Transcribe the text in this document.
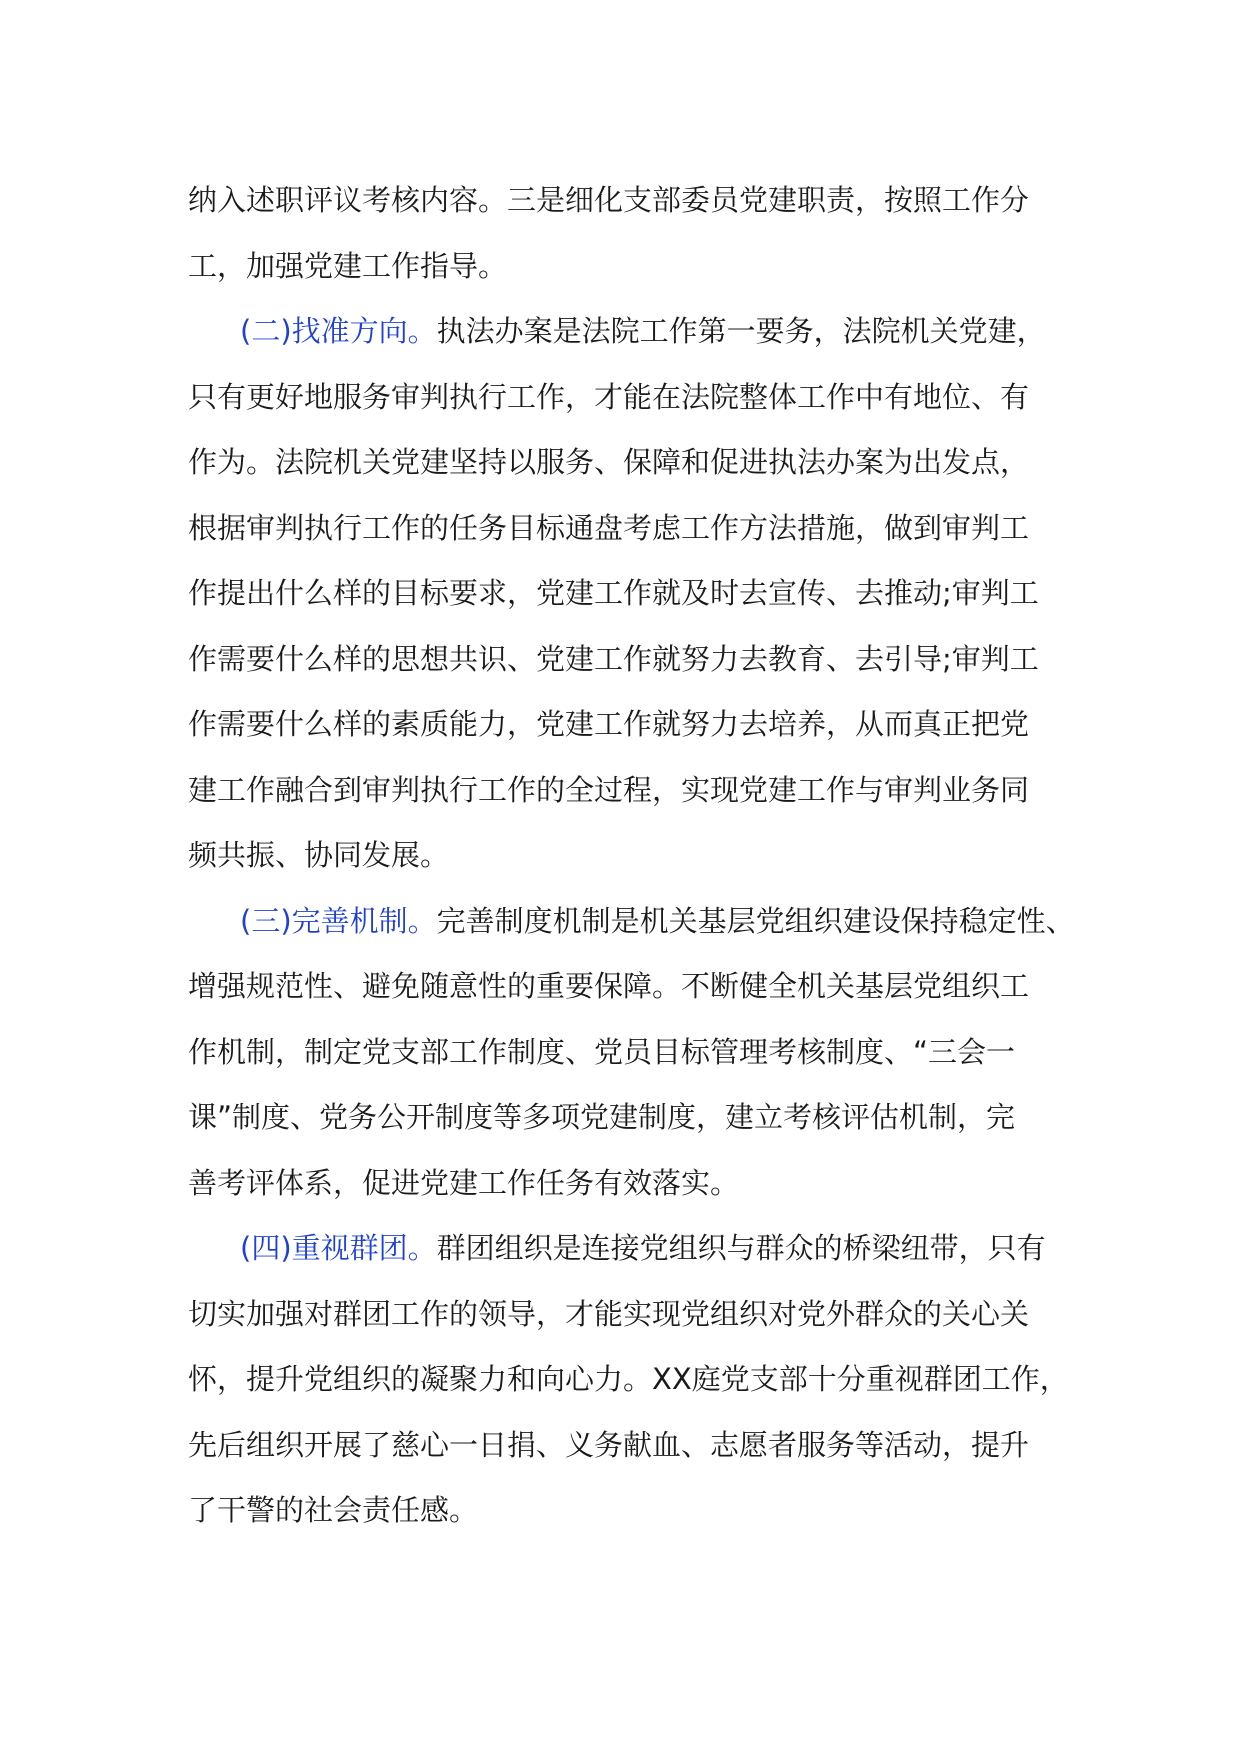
纳入述职评议考核内容。三是细化支部委员党建职责，按照工作分
工，加强党建工作指导。
(二)找准方向。执法办案是法院工作第一要务，法院机关党建，
只有更好地服务审判执行工作，才能在法院整体工作中有地位、有
作为。法院机关党建坚持以服务、保障和促进执法办案为出发点，
根据审判执行工作的任务目标通盘考虑工作方法措施，做到审判工
作提出什么样的目标要求，党建工作就及时去宣传、去推动;审判工
作需要什么样的思想共识、党建工作就努力去教育、去引导;审判工
作需要什么样的素质能力，党建工作就努力去培养，从而真正把党
建工作融合到审判执行工作的全过程，实现党建工作与审判业务同
频共振、协同发展。
(三)完善机制。完善制度机制是机关基层党组织建设保持稳定性、
增强规范性、避免随意性的重要保障。不断健全机关基层党组织工
作机制，制定党支部工作制度、党员目标管理考核制度、“三会一
课”制度、党务公开制度等多项党建制度，建立考核评估机制，完
善考评体系，促进党建工作任务有效落实。
(四)重视群团。群团组织是连接党组织与群众的桥梁纽带，只有
切实加强对群团工作的领导，才能实现党组织对党外群众的关心关
怀，提升党组织的凝聚力和向心力。XX庭党支部十分重视群团工作，
先后组织开展了慈心一日捐、义务献血、志愿者服务等活动，提升
了干警的社会责任感。
